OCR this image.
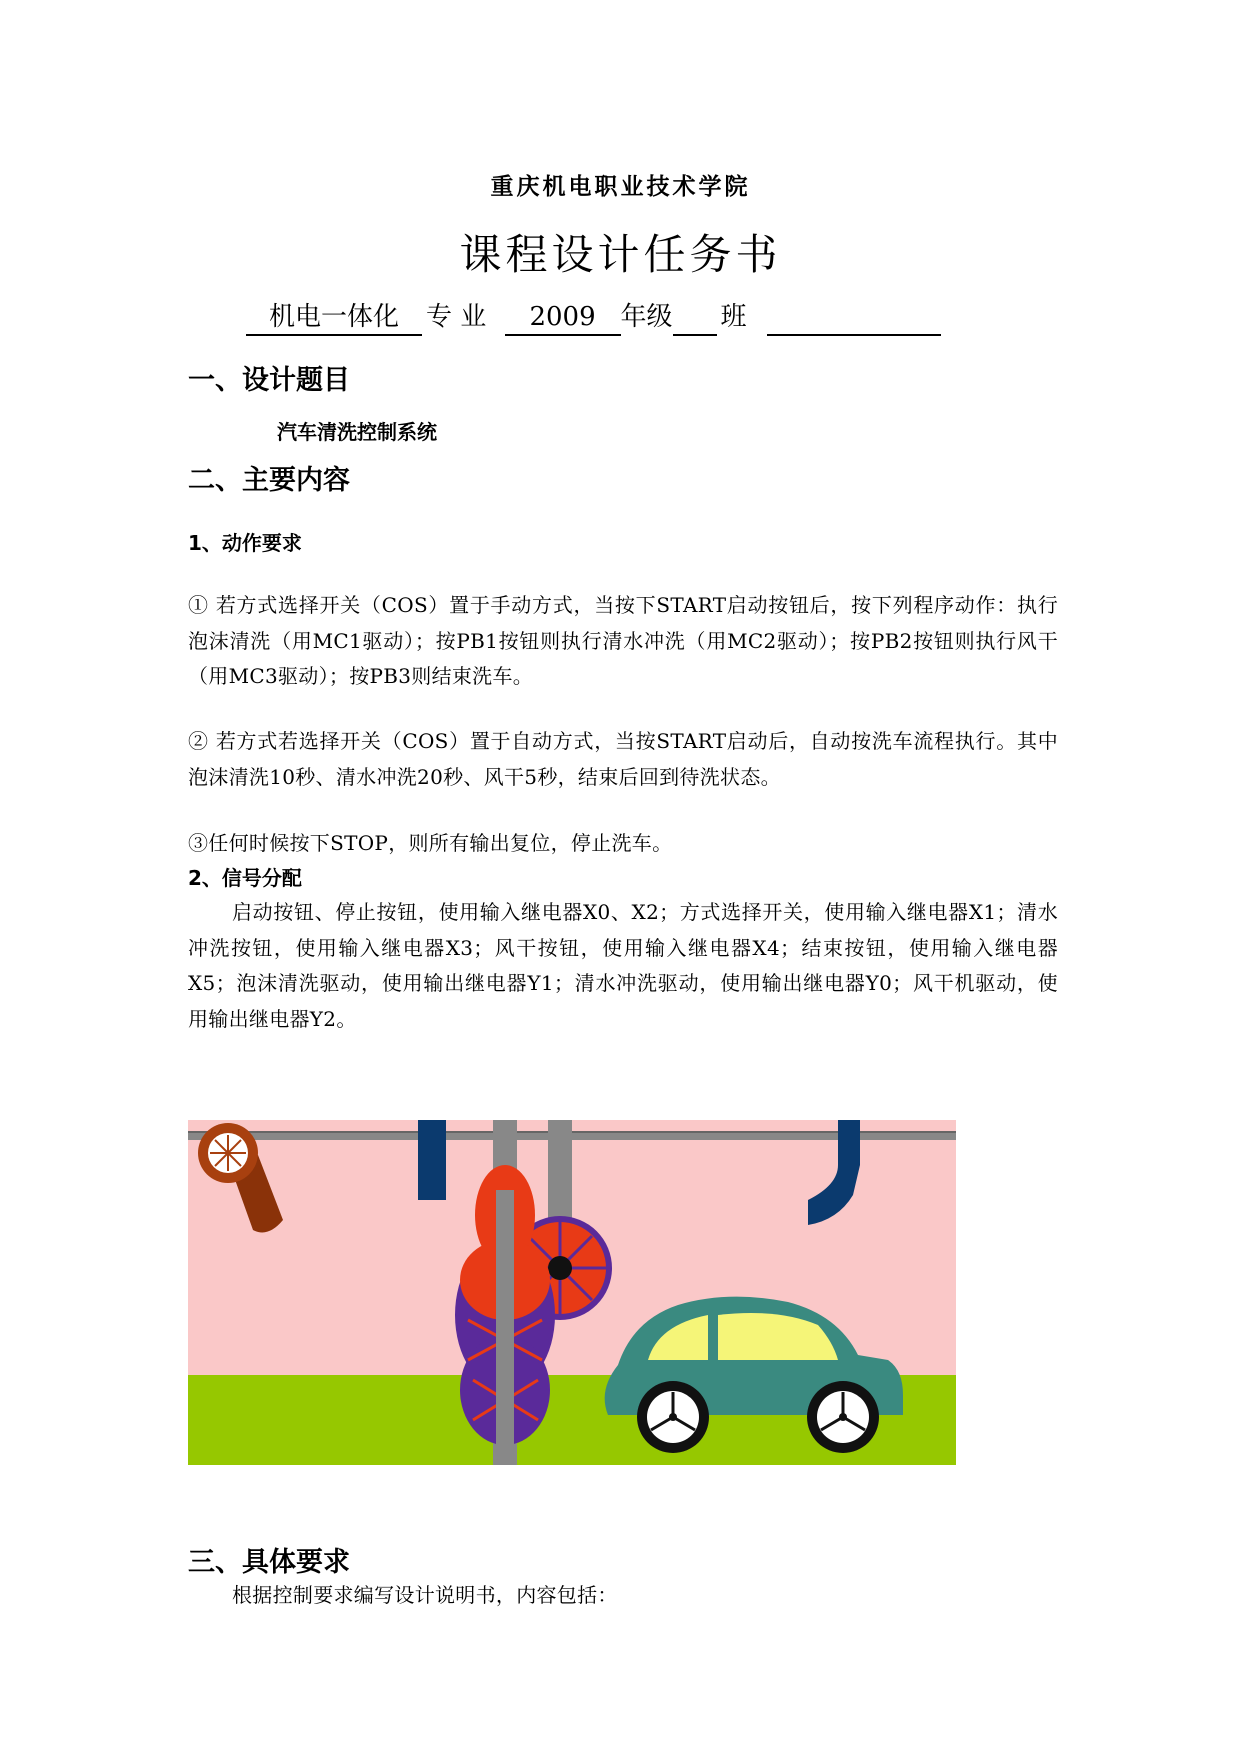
重庆机电职业技术学院
课程设计任务书
机电一体化 专 业 2009 年级 班
一、设计题目
汽车清洗控制系统
二、主要内容
1、动作要求
① 若方式选择开关（COS）置于手动方式，当按下START启动按钮后，按下列程序动作：执行泡沫清洗（用MC1驱动）；按PB1按钮则执行清水冲洗（用MC2驱动）；按PB2按钮则执行风干（用MC3驱动）；按PB3则结束洗车。
② 若方式若选择开关（COS）置于自动方式，当按START启动后，自动按洗车流程执行。其中泡沫清洗10秒、清水冲洗20秒、风干5秒，结束后回到待洗状态。
③任何时候按下STOP，则所有输出复位，停止洗车。
2、信号分配
启动按钮、停止按钮，使用输入继电器X0、X2；方式选择开关，使用输入继电器X1；清水冲洗按钮，使用输入继电器X3；风干按钮，使用输入继电器X4；结束按钮，使用输入继电器X5；泡沫清洗驱动，使用输出继电器Y1；清水冲洗驱动，使用输出继电器Y0；风干机驱动，使用输出继电器Y2。
三、具体要求
根据控制要求编写设计说明书，内容包括：
